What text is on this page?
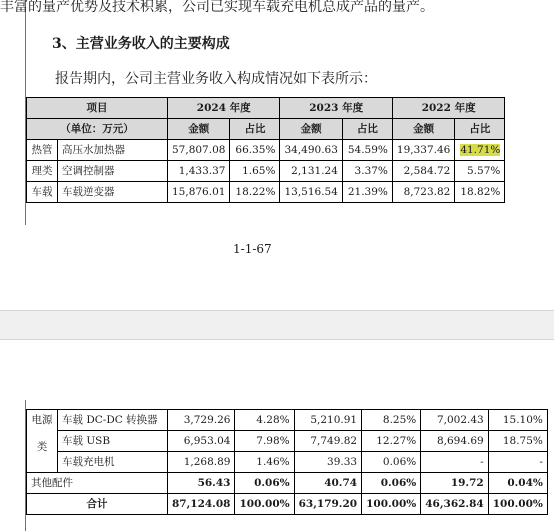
丰富的量产优势及技术积累，公司已实现车载充电机总成产品的量产。
3、主营业务收入的主要构成
报告期内，公司主营业务收入构成情况如下表所示：
项目		2024 年度		2023 年度		2022 年度	
（单位：万元）		金额	占比	金额	占比	金额	占比
热管	高压水加热器	57,807.08	66.35%	34,490.63	54.59%	19,337.46	41.71%
理类	空调控制器	1,433.37	1.65%	2,131.24	3.37%	2,584.72	5.57%
车载	车载逆变器	15,876.01	18.22%	13,516.54	21.39%	8,723.82	18.82%
1-1-67
电源
类	车载 DC-DC 转换器	3,729.26	4.28%	5,210.91	8.25%	7,002.43	15.10%
	车载 USB	6,953.04	7.98%	7,749.82	12.27%	8,694.69	18.75%
	车载充电机	1,268.89	1.46%	39.33	0.06%	-	-
其他配件		56.43	0.06%	40.74	0.06%	19.72	0.04%
合计		87,124.08	100.00%	63,179.20	100.00%	46,362.84	100.00%
